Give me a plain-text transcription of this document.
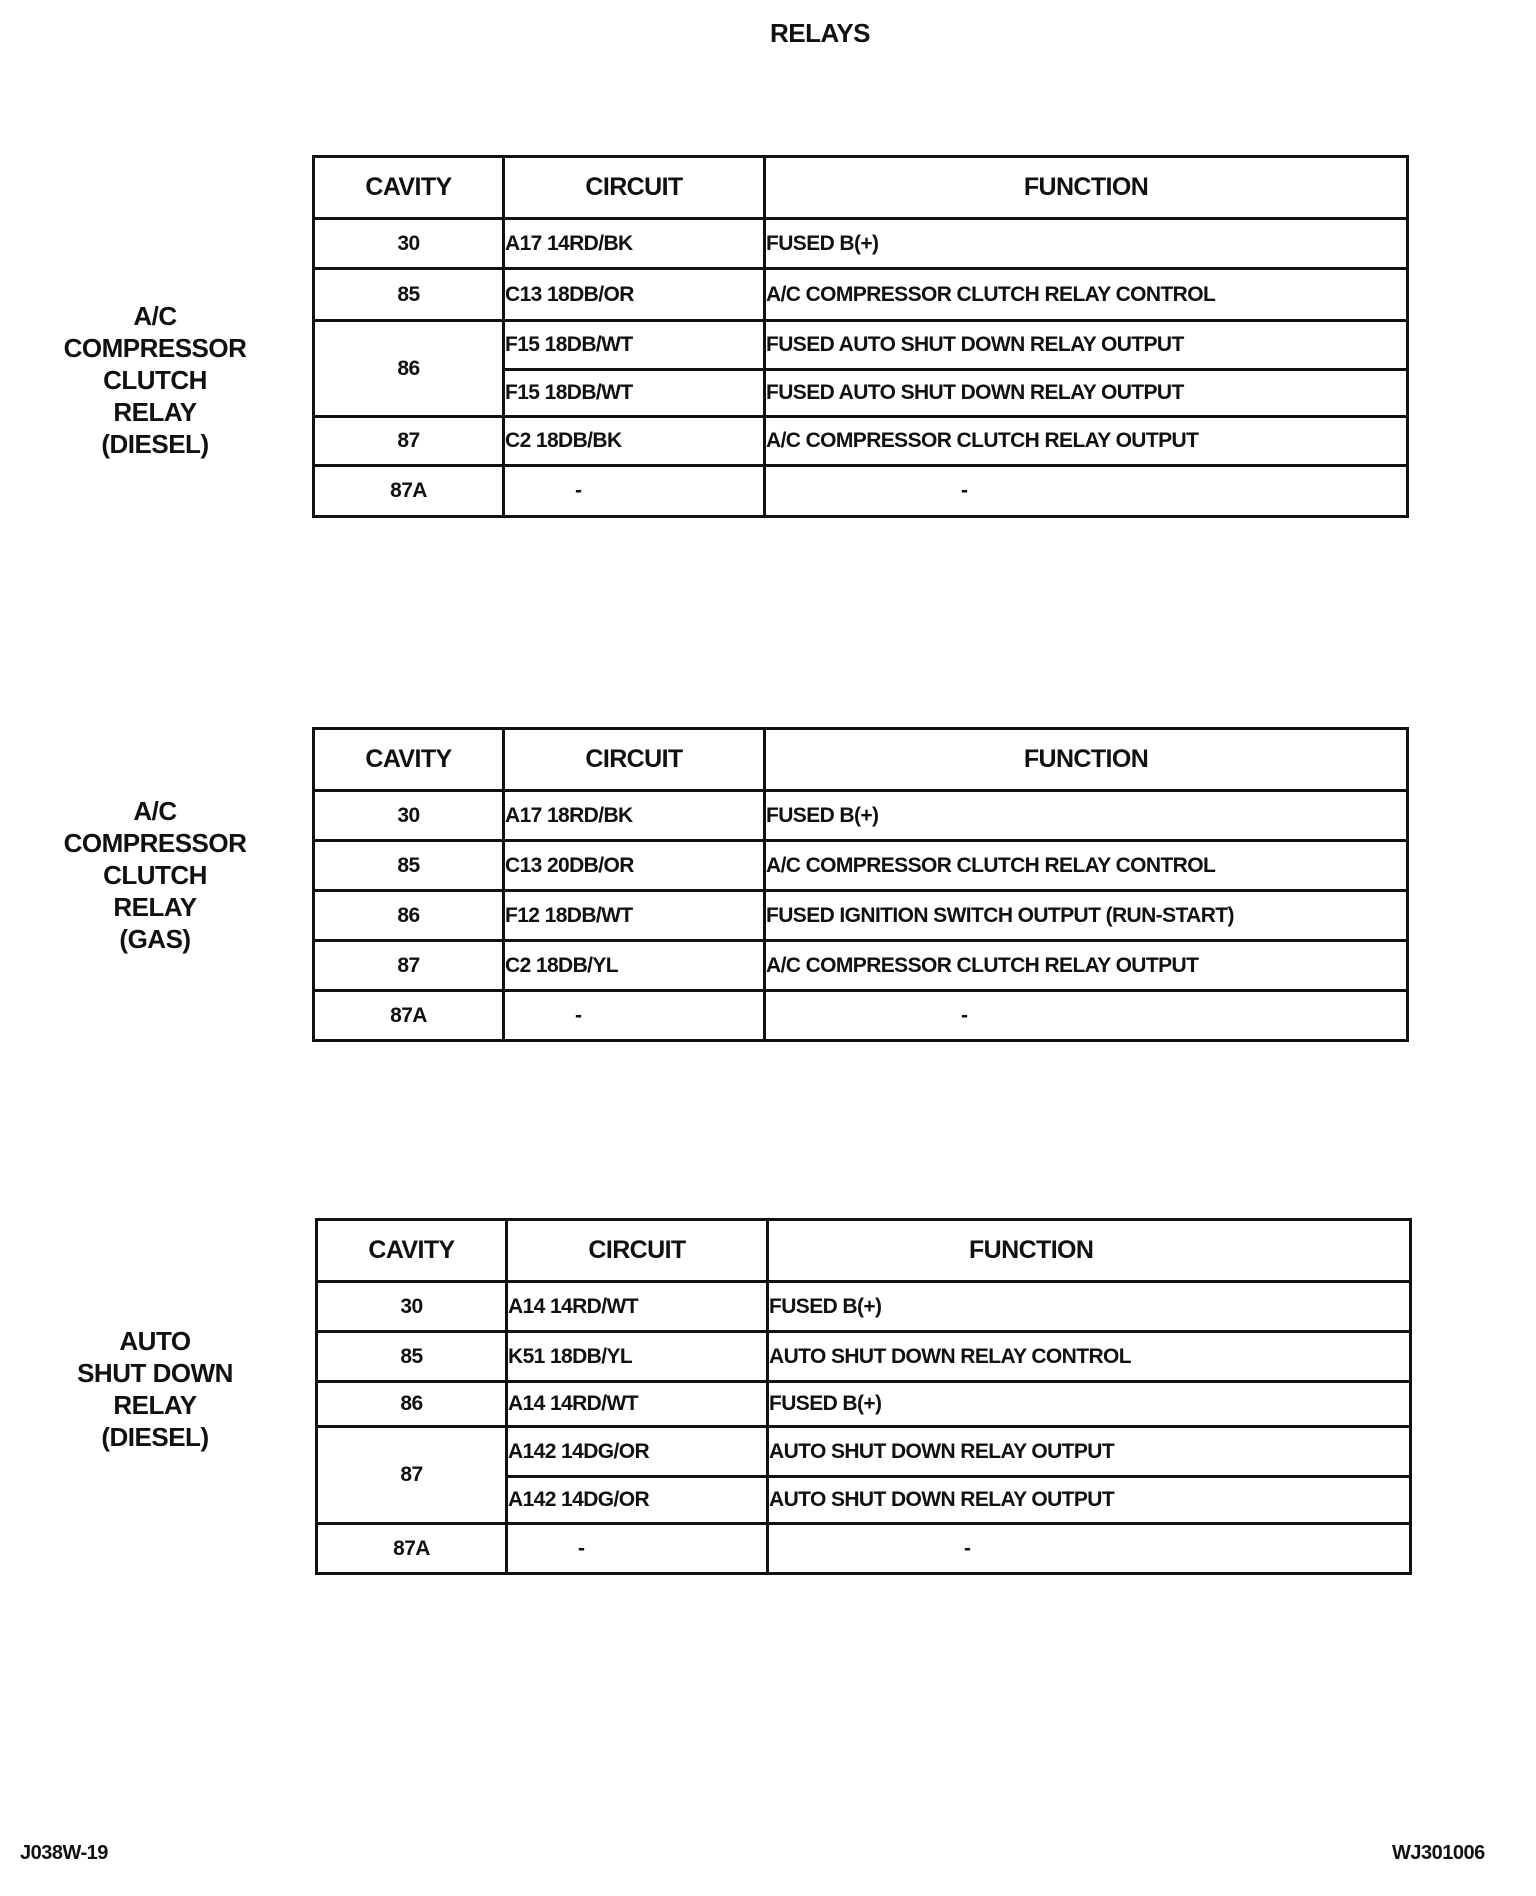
RELAYS
A/C
COMPRESSOR
CLUTCH
RELAY
(DIESEL)
CAVITY	CIRCUIT	FUNCTION
30	A17 14RD/BK	FUSED B(+)
85	C13 18DB/OR	A/C COMPRESSOR CLUTCH RELAY CONTROL
86	F15 18DB/WT	FUSED AUTO SHUT DOWN RELAY OUTPUT
	F15 18DB/WT	FUSED AUTO SHUT DOWN RELAY OUTPUT
87	C2 18DB/BK	A/C COMPRESSOR CLUTCH RELAY OUTPUT
87A	-	-
A/C
COMPRESSOR
CLUTCH
RELAY
(GAS)
CAVITY	CIRCUIT	FUNCTION
30	A17 18RD/BK	FUSED B(+)
85	C13 20DB/OR	A/C COMPRESSOR CLUTCH RELAY CONTROL
86	F12 18DB/WT	FUSED IGNITION SWITCH OUTPUT (RUN-START)
87	C2 18DB/YL	A/C COMPRESSOR CLUTCH RELAY OUTPUT
87A	-	-
AUTO
SHUT DOWN
RELAY
(DIESEL)
CAVITY	CIRCUIT	FUNCTION
30	A14 14RD/WT	FUSED B(+)
85	K51 18DB/YL	AUTO SHUT DOWN RELAY CONTROL
86	A14 14RD/WT	FUSED B(+)
87	A142 14DG/OR	AUTO SHUT DOWN RELAY OUTPUT
	A142 14DG/OR	AUTO SHUT DOWN RELAY OUTPUT
87A	-	-
J038W-19	WJ301006
